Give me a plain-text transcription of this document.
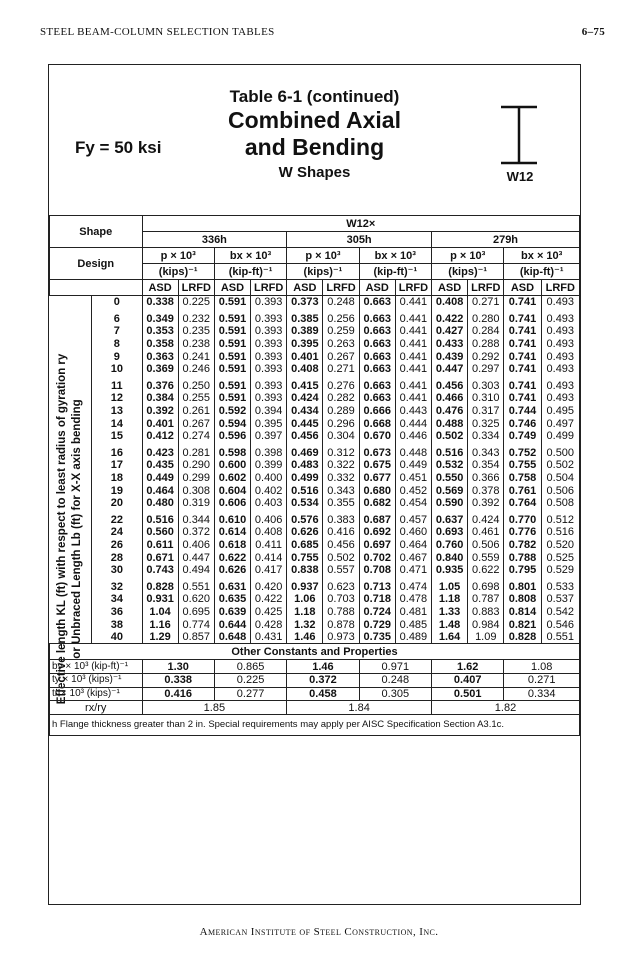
STEEL BEAM-COLUMN SELECTION TABLES	6–75
Table 6-1 (continued)
Combined Axial
and Bending
W Shapes
Fy = 50 ksi
W12
Effective length KL (ft) with respect to least radius of gyration ry or Unbraced Length Lb (ft) for X-X axis bending
Shape		W12×											
		336h				305h				279h			
Design		p × 10³		bx × 10³		p × 10³		bx × 10³		p × 10³		bx × 10³	
		(kips)⁻¹		(kip-ft)⁻¹		(kips)⁻¹		(kip-ft)⁻¹		(kips)⁻¹		(kip-ft)⁻¹	
		ASD	LRFD	ASD	LRFD	ASD	LRFD	ASD	LRFD	ASD	LRFD	ASD	LRFD
	0	0.338	0.225	0.591	0.393	0.373	0.248	0.663	0.441	0.408	0.271	0.741	0.493

	6	0.349	0.232	0.591	0.393	0.385	0.256	0.663	0.441	0.422	0.280	0.741	0.493
	7	0.353	0.235	0.591	0.393	0.389	0.259	0.663	0.441	0.427	0.284	0.741	0.493
	8	0.358	0.238	0.591	0.393	0.395	0.263	0.663	0.441	0.433	0.288	0.741	0.493
	9	0.363	0.241	0.591	0.393	0.401	0.267	0.663	0.441	0.439	0.292	0.741	0.493
	10	0.369	0.246	0.591	0.393	0.408	0.271	0.663	0.441	0.447	0.297	0.741	0.493

	11	0.376	0.250	0.591	0.393	0.415	0.276	0.663	0.441	0.456	0.303	0.741	0.493
	12	0.384	0.255	0.591	0.393	0.424	0.282	0.663	0.441	0.466	0.310	0.741	0.493
	13	0.392	0.261	0.592	0.394	0.434	0.289	0.666	0.443	0.476	0.317	0.744	0.495
	14	0.401	0.267	0.594	0.395	0.445	0.296	0.668	0.444	0.488	0.325	0.746	0.497
	15	0.412	0.274	0.596	0.397	0.456	0.304	0.670	0.446	0.502	0.334	0.749	0.499

	16	0.423	0.281	0.598	0.398	0.469	0.312	0.673	0.448	0.516	0.343	0.752	0.500
	17	0.435	0.290	0.600	0.399	0.483	0.322	0.675	0.449	0.532	0.354	0.755	0.502
	18	0.449	0.299	0.602	0.400	0.499	0.332	0.677	0.451	0.550	0.366	0.758	0.504
	19	0.464	0.308	0.604	0.402	0.516	0.343	0.680	0.452	0.569	0.378	0.761	0.506
	20	0.480	0.319	0.606	0.403	0.534	0.355	0.682	0.454	0.590	0.392	0.764	0.508

	22	0.516	0.344	0.610	0.406	0.576	0.383	0.687	0.457	0.637	0.424	0.770	0.512
	24	0.560	0.372	0.614	0.408	0.626	0.416	0.692	0.460	0.693	0.461	0.776	0.516
	26	0.611	0.406	0.618	0.411	0.685	0.456	0.697	0.464	0.760	0.506	0.782	0.520
	28	0.671	0.447	0.622	0.414	0.755	0.502	0.702	0.467	0.840	0.559	0.788	0.525
	30	0.743	0.494	0.626	0.417	0.838	0.557	0.708	0.471	0.935	0.622	0.795	0.529

	32	0.828	0.551	0.631	0.420	0.937	0.623	0.713	0.474	1.05	0.698	0.801	0.533
	34	0.931	0.620	0.635	0.422	1.06	0.703	0.718	0.478	1.18	0.787	0.808	0.537
	36	1.04	0.695	0.639	0.425	1.18	0.788	0.724	0.481	1.33	0.883	0.814	0.542
	38	1.16	0.774	0.644	0.428	1.32	0.878	0.729	0.485	1.48	0.984	0.821	0.546
	40	1.29	0.857	0.648	0.431	1.46	0.973	0.735	0.489	1.64	1.09	0.828	0.551
Other Constants and Properties													
by × 10³ (kip-ft)⁻¹		1.30		0.865		1.46		0.971		1.62		1.08	
ty × 10³ (kips)⁻¹		0.338		0.225		0.372		0.248		0.407		0.271	
tr × 10³ (kips)⁻¹		0.416		0.277		0.458		0.305		0.501		0.334	
rx/ry		1.85				1.84				1.82			
h Flange thickness greater than 2 in. Special requirements may apply per AISC Specification Section A3.1c.													
American Institute of Steel Construction, Inc.
